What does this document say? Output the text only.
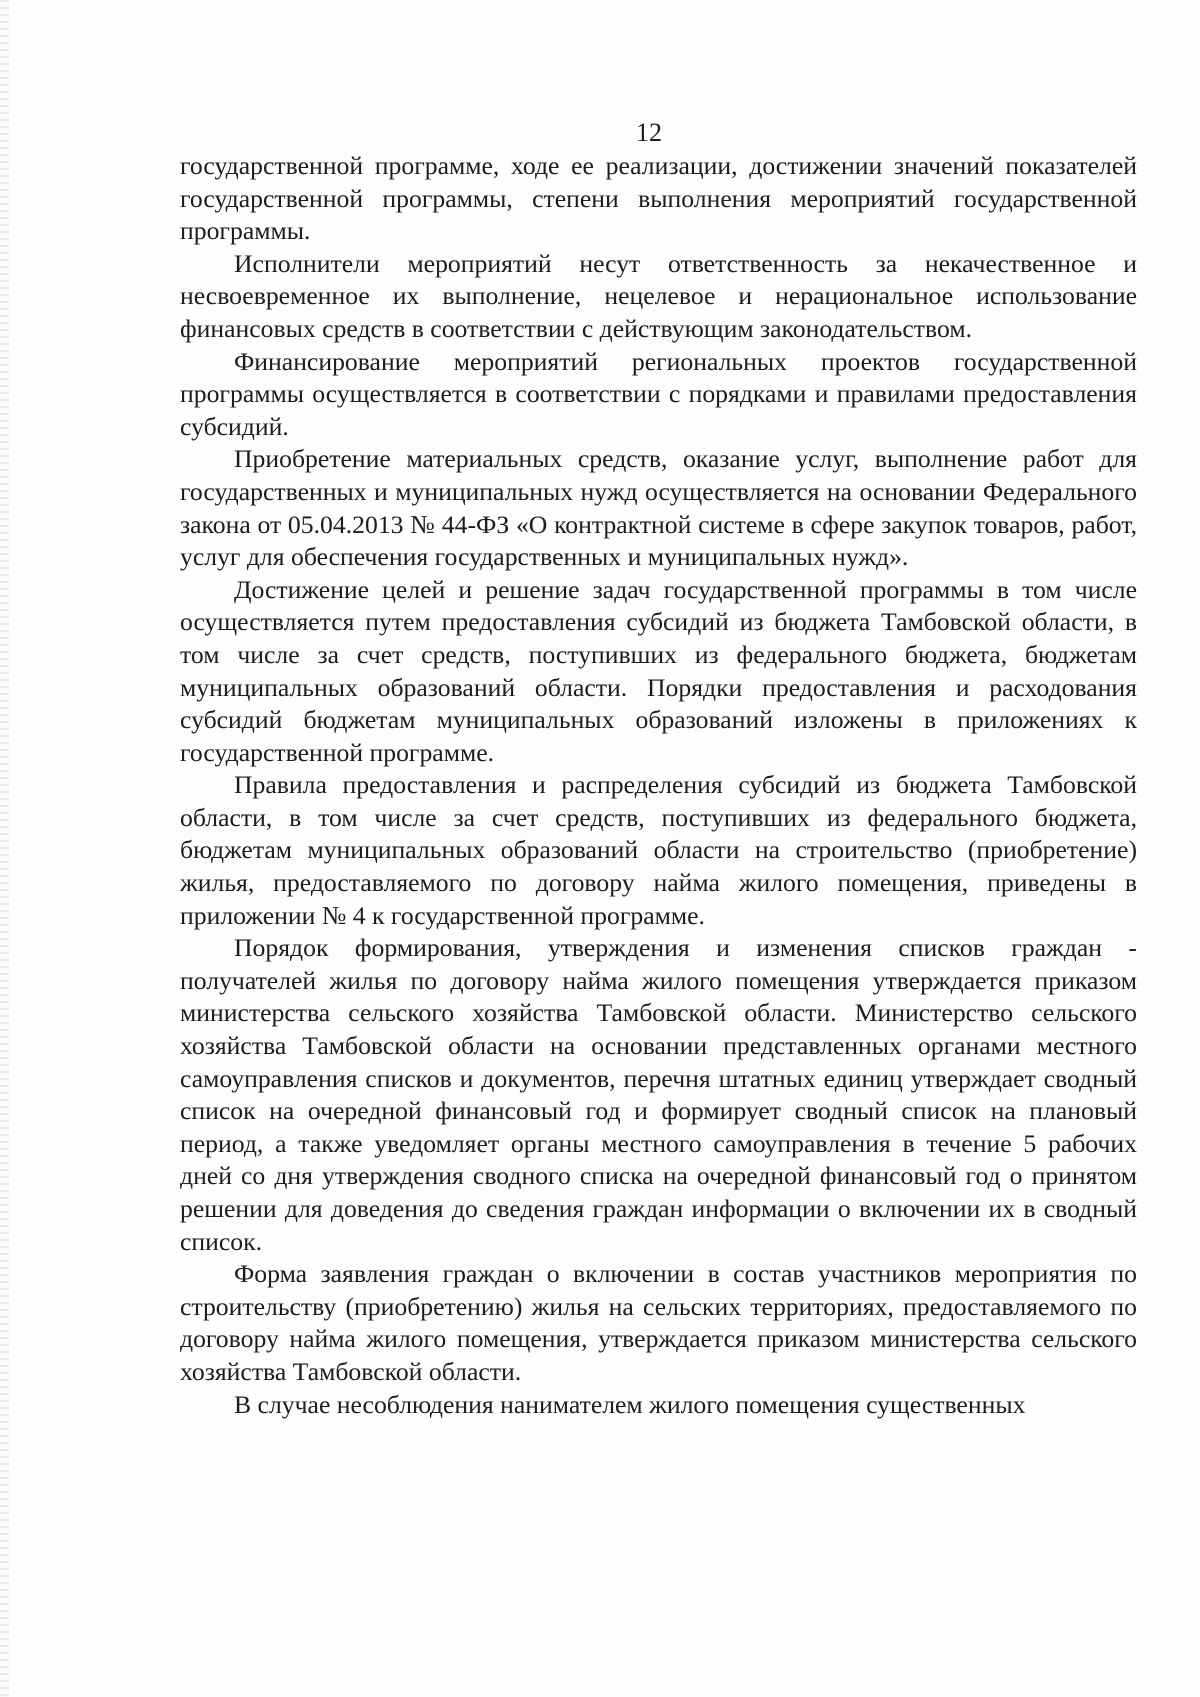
12

государственной программе, ходе ее реализации, достижении значений показателей государственной программы, степени выполнения мероприятий государственной программы.

Исполнители мероприятий несут ответственность за некачественное и несвоевременное их выполнение, нецелевое и нерациональное использование финансовых средств в соответствии с действующим законодательством.

Финансирование мероприятий региональных проектов государственной программы осуществляется в соответствии с порядками и правилами предоставления субсидий.

Приобретение материальных средств, оказание услуг, выполнение работ для государственных и муниципальных нужд осуществляется на основании Федерального закона от 05.04.2013 № 44-ФЗ «О контрактной системе в сфере закупок товаров, работ, услуг для обеспечения государственных и муниципальных нужд».

Достижение целей и решение задач государственной программы в том числе осуществляется путем предоставления субсидий из бюджета Тамбовской области, в том числе за счет средств, поступивших из федерального бюджета, бюджетам муниципальных образований области. Порядки предоставления и расходования субсидий бюджетам муниципальных образований изложены в приложениях к государственной программе.

Правила предоставления и распределения субсидий из бюджета Тамбовской области, в том числе за счет средств, поступивших из федерального бюджета, бюджетам муниципальных образований области на строительство (приобретение) жилья, предоставляемого по договору найма жилого помещения, приведены в приложении № 4 к государственной программе.

Порядок формирования, утверждения и изменения списков граждан - получателей жилья по договору найма жилого помещения утверждается приказом министерства сельского хозяйства Тамбовской области. Министерство сельского хозяйства Тамбовской области на основании представленных органами местного самоуправления списков и документов, перечня штатных единиц утверждает сводный список на очередной финансовый год и формирует сводный список на плановый период, а также уведомляет органы местного самоуправления в течение 5 рабочих дней со дня утверждения сводного списка на очередной финансовый год о принятом решении для доведения до сведения граждан информации о включении их в сводный список.

Форма заявления граждан о включении в состав участников мероприятия по строительству (приобретению) жилья на сельских территориях, предоставляемого по договору найма жилого помещения, утверждается приказом министерства сельского хозяйства Тамбовской области.

В случае несоблюдения нанимателем жилого помещения существенных
